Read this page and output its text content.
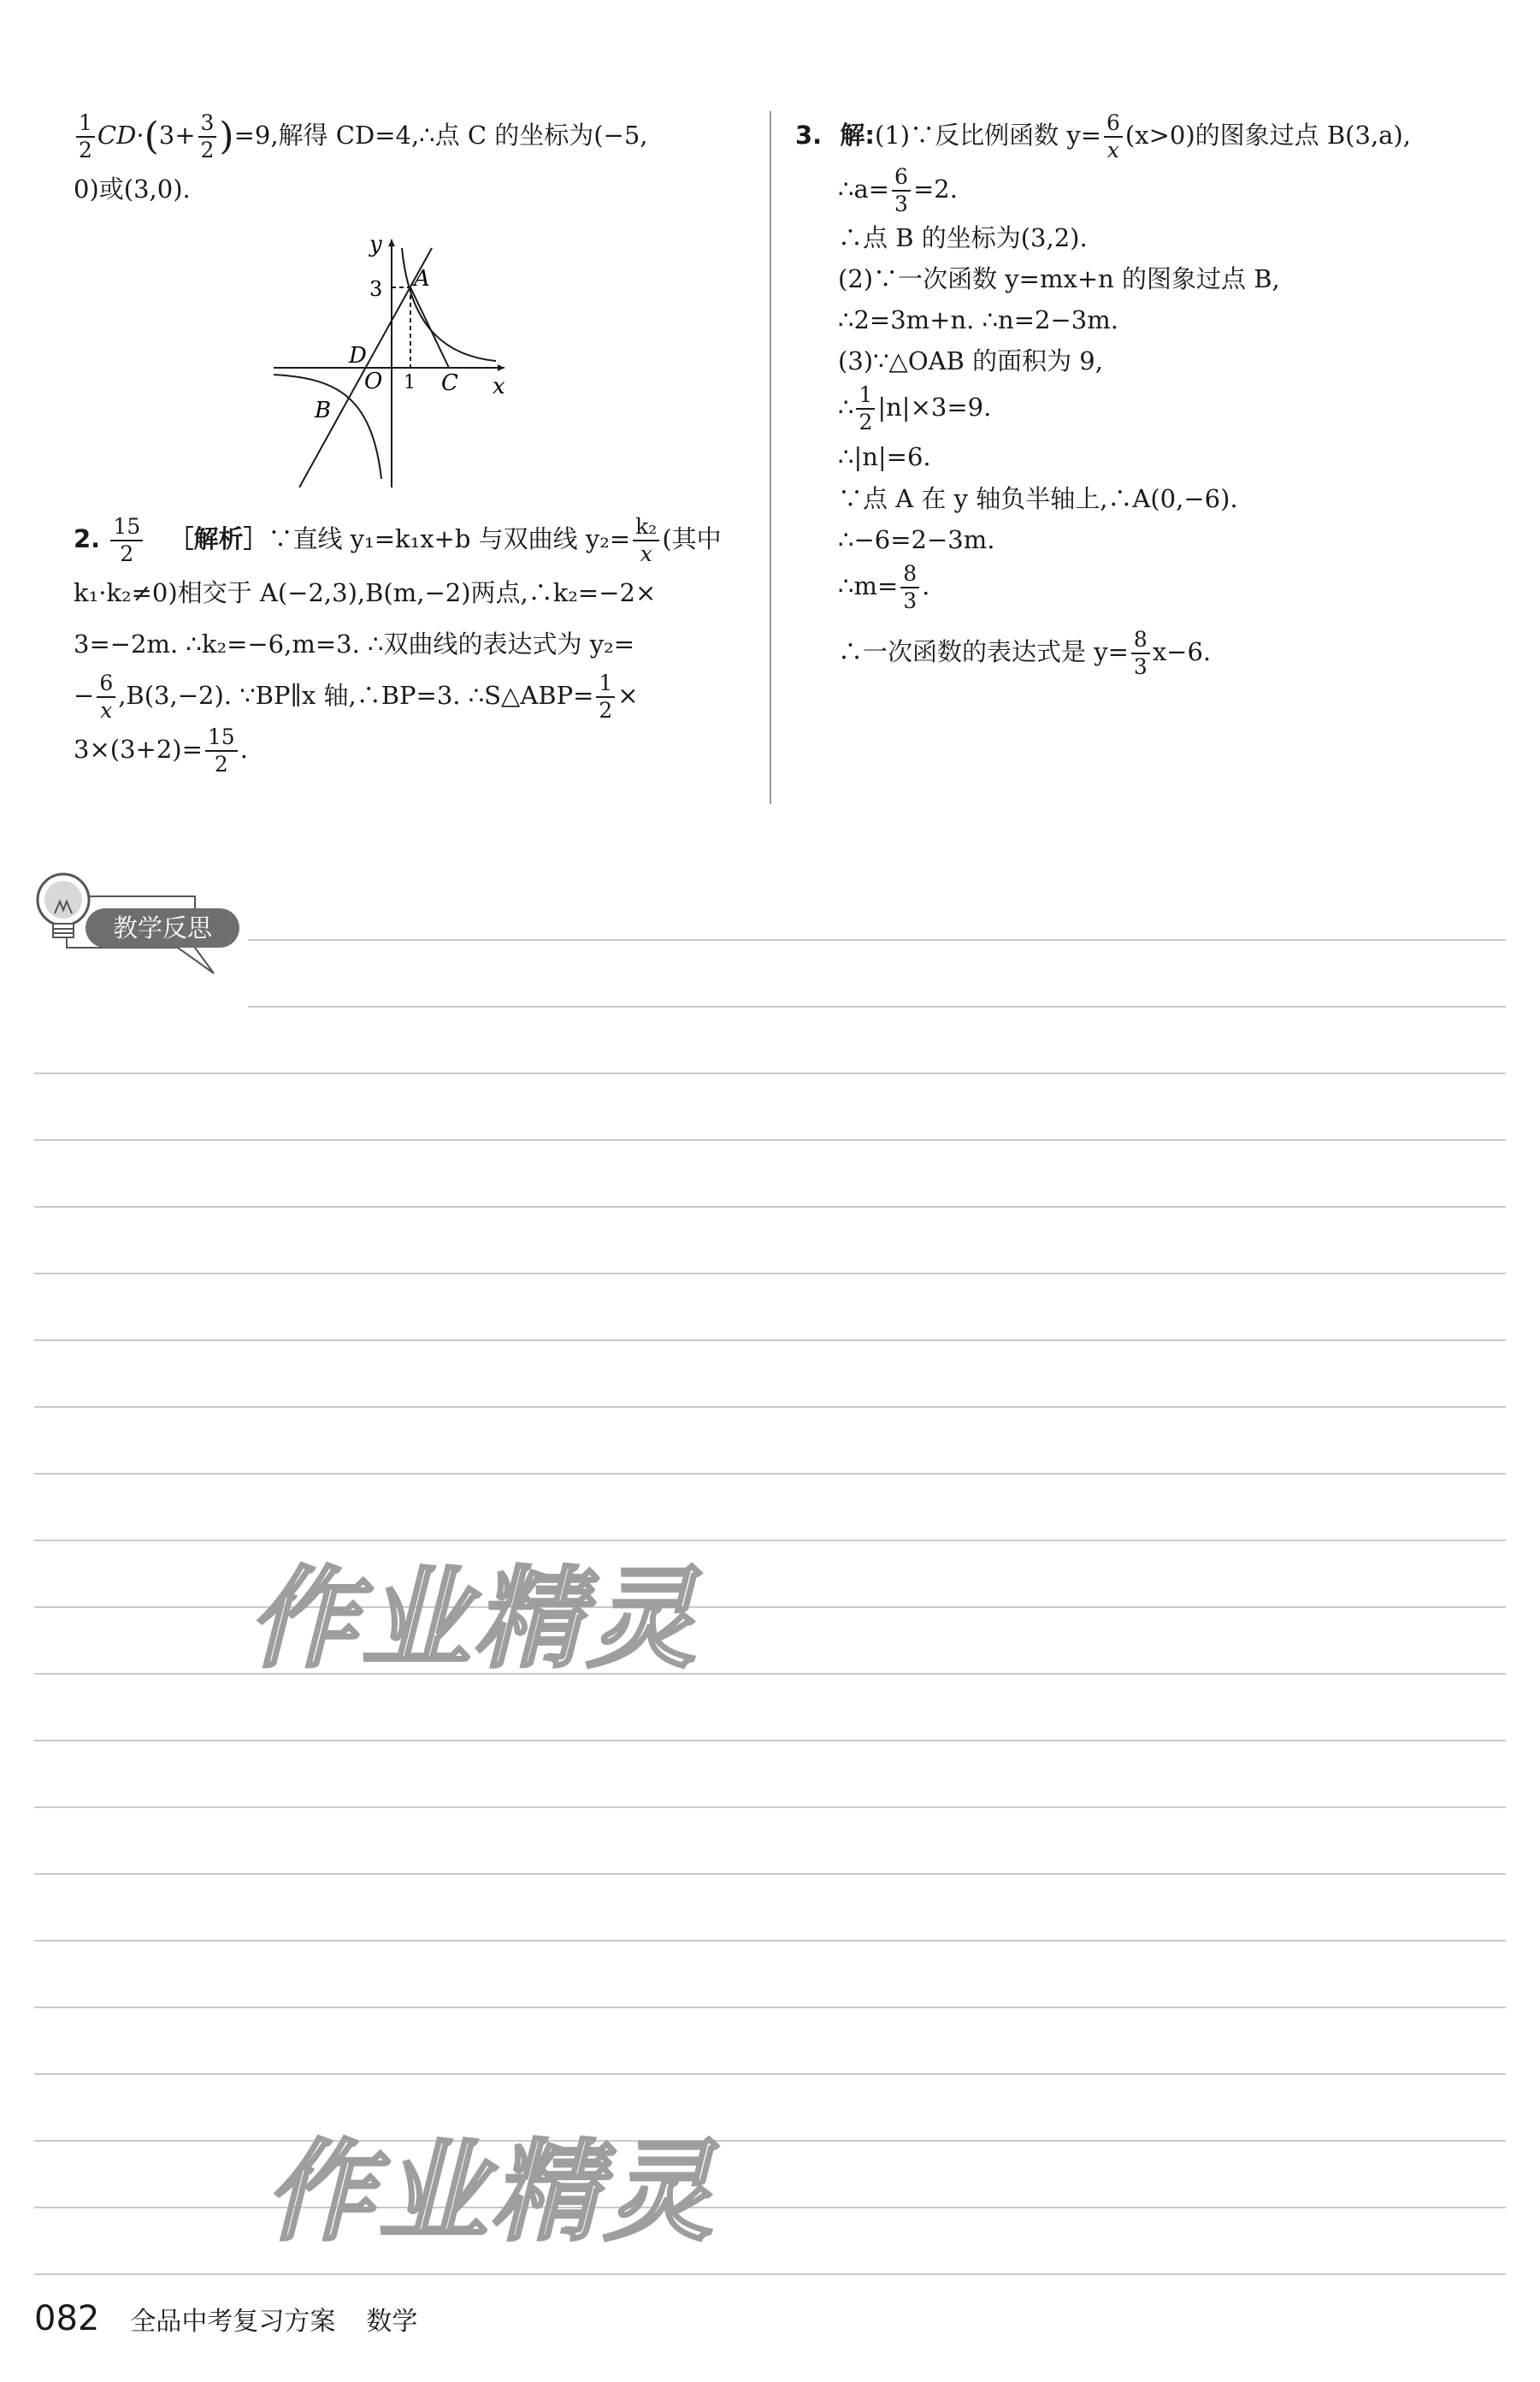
$\frac{1}{2} CD\cdot(3+ \frac{3}{2} )=9$,解得 CD=4,∴点 C 的坐标为(−5,
0)或(3,0).
y
x
3 A
D
O 1 C
B
2. $\frac{15}{2}$ ［解析］∵直线 y₁=k₁x+b 与双曲线 $y_2= \frac{\text{k₂}}{x}$ (其中
k₁·k₂≠0)相交于 A(−2,3),B(m,−2)两点,∴k₂=−2×
3=−2m. ∴k₂=−6,m=3. ∴双曲线的表达式为 y₂=
− $\frac{6}{x} ,B(3,-2)$. ∵BP∥x 轴,∴BP=3. ∴S△ABP= $\frac{1}{2}$ ×
$3\times(3+2)= \frac{15}{2}$ .
3. 解:(1)∵反比例函数 $y= \frac{6}{x} (x>0)$的图象过点 B(3,a),
∴a= $\frac{6}{3} =2$.
∴点 B 的坐标为(3,2).
(2)∵一次函数 y=mx+n 的图象过点 B,
∴2=3m+n. ∴n=2−3m.
(3)∵△OAB 的面积为 9,
∴ $\frac{1}{2} |n|\times 3=9$.
∴|n|=6.
∵点 A 在 y 轴负半轴上,∴A(0,−6).
∴−6=2−3m.
∴m= $\frac{8}{3}$ .
∴一次函数的表达式是 $y= \frac{8}{3} x-6$.
教学反思
作业精灵
作业精灵
082 全品中考复习方案 数学
